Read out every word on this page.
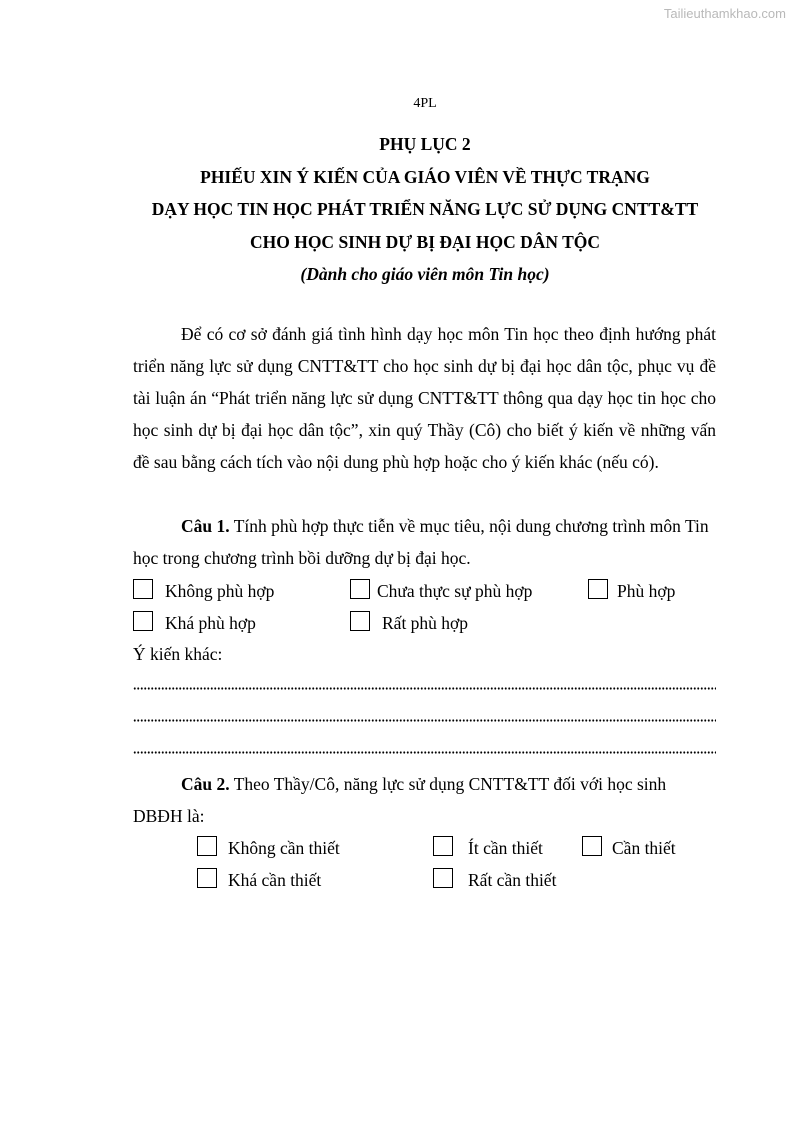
Tailieuthamkhao.com
4PL
PHỤ LỤC 2
PHIẾU XIN Ý KIẾN CỦA GIÁO VIÊN VỀ THỰC TRẠNG
DẠY HỌC TIN HỌC PHÁT TRIỂN NĂNG LỰC SỬ DỤNG CNTT&TT
CHO HỌC SINH DỰ BỊ ĐẠI HỌC DÂN TỘC
(Dành cho giáo viên môn Tin học)

Để có cơ sở đánh giá tình hình dạy học môn Tin học theo định hướng phát triển năng lực sử dụng CNTT&TT cho học sinh dự bị đại học dân tộc, phục vụ đề tài luận án “Phát triển năng lực sử dụng CNTT&TT thông qua dạy học tin học cho học sinh dự bị đại học dân tộc”, xin quý Thầy (Cô) cho biết ý kiến về những vấn đề sau bằng cách tích vào nội dung phù hợp hoặc cho ý kiến khác (nếu có).

Câu 1. Tính phù hợp thực tiễn về mục tiêu, nội dung chương trình môn Tin học trong chương trình bồi dưỡng dự bị đại học.

Không phù hợp	Chưa thực sự phù hợp	Phù hợp
Khá phù hợp	Rất phù hợp
Ý kiến khác:

Câu 2. Theo Thầy/Cô, năng lực sử dụng CNTT&TT đối với học sinh DBĐH là:

Không cần thiết	Ít cần thiết	Cần thiết
Khá cần thiết	Rất cần thiết
